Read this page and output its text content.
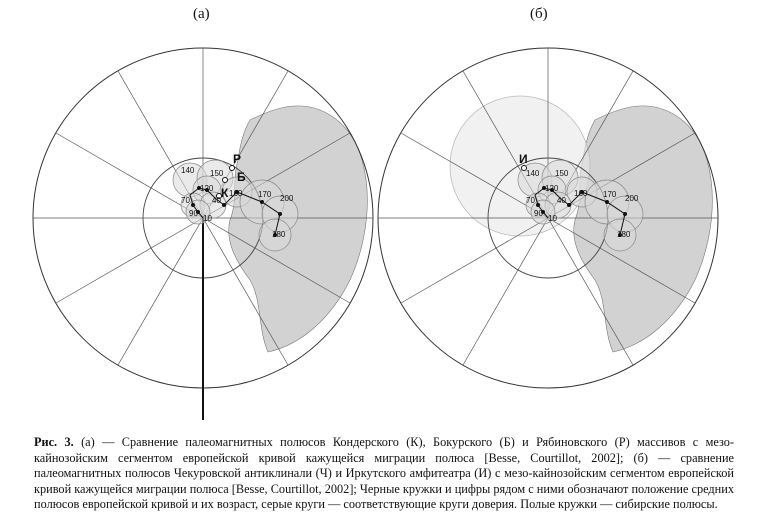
(а)	(б)
Р
Б
К
140 150
120
160 170 200
70	40
90
10
180
И
140 150
120
160 170 200
70	40
90
10
180
Рис. 3. (а) — Сравнение палеомагнитных полюсов Кондерского (К), Бокурского (Б) и Рябиновского (Р) массивов с мезо-кайнозойским сегментом европейской кривой кажущейся миграции полюса [Besse, Courtillot, 2002]; (б) — сравнение палеомагнитных полюсов Чекуровской антиклинали (Ч) и Иркутского амфитеатра (И) с мезо-кайнозойским сегментом европейской кривой кажущейся миграции полюса [Besse, Courtillot, 2002]; Черные кружки и цифры рядом с ними обозначают положение средних полюсов европейской кривой и их возраст, серые круги — соответствующие круги доверия. Полые кружки — сибирские полюсы.
